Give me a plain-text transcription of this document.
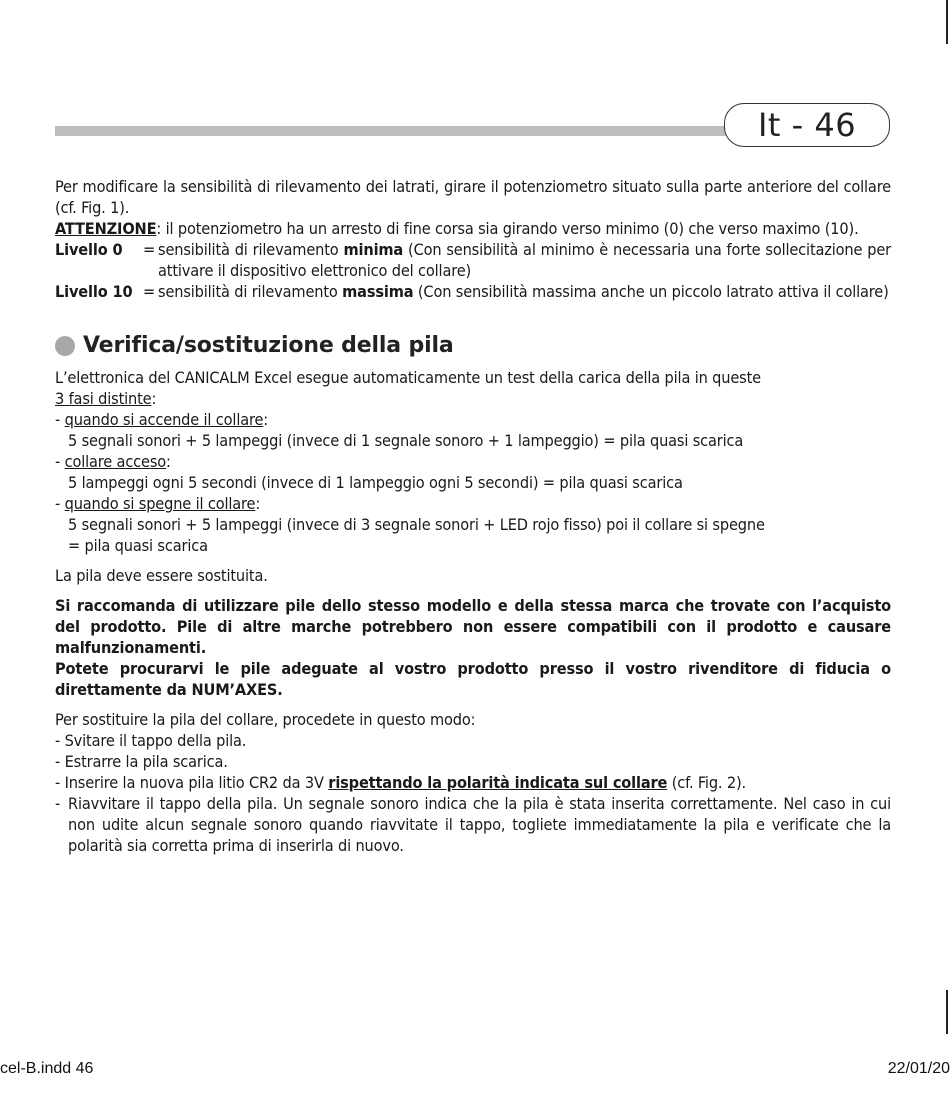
It - 46

Per modificare la sensibilità di rilevamento dei latrati, girare il potenziometro situato sulla parte anteriore del collare (cf. Fig. 1).

ATTENZIONE: il potenziometro ha un arresto di fine corsa sia girando verso minimo (0) che verso maximo (10).

Livello 0	= sensibilità di rilevamento minima (Con sensibilità al minimo è necessaria una forte sollecitazione per attivare il dispositivo elettronico del collare)
Livello 10 = sensibilità di rilevamento massima (Con sensibilità massima anche un piccolo latrato attiva il collare)
Verifica/sostituzione della pila

L’elettronica del CANICALM Excel esegue automaticamente un test della carica della pila in queste

3 fasi distinte:

- quando si accende il collare:

5 segnali sonori + 5 lampeggi (invece di 1 segnale sonoro + 1 lampeggio) = pila quasi scarica

- collare acceso:

5 lampeggi ogni 5 secondi (invece di 1 lampeggio ogni 5 secondi) = pila quasi scarica

- quando si spegne il collare:

5 segnali sonori + 5 lampeggi (invece di 3 segnale sonori + LED rojo fisso) poi il collare si spegne

= pila quasi scarica

La pila deve essere sostituita.

Si raccomanda di utilizzare pile dello stesso modello e della stessa marca che trovate con l’acquisto del prodotto. Pile di altre marche potrebbero non essere compatibili con il prodotto e causare malfunzionamenti.

Potete procurarvi le pile adeguate al vostro prodotto presso il vostro rivenditore di fiducia o direttamente da NUM’AXES.

Per sostituire la pila del collare, procedete in questo modo:

- Svitare il tappo della pila.

- Estrarre la pila scarica.

- Inserire la nuova pila litio CR2 da 3V rispettando la polarità indicata sul collare (cf. Fig. 2).

- Riavvitare il tappo della pila. Un segnale sonoro indica che la pila è stata inserita correttamente. Nel caso in cui non udite alcun segnale sonoro quando riavvitate il tappo, togliete immediatamente la pila e verificate che la polarità sia corretta prima di inserirla di nuovo.
cel-B.indd 46	22/01/20
